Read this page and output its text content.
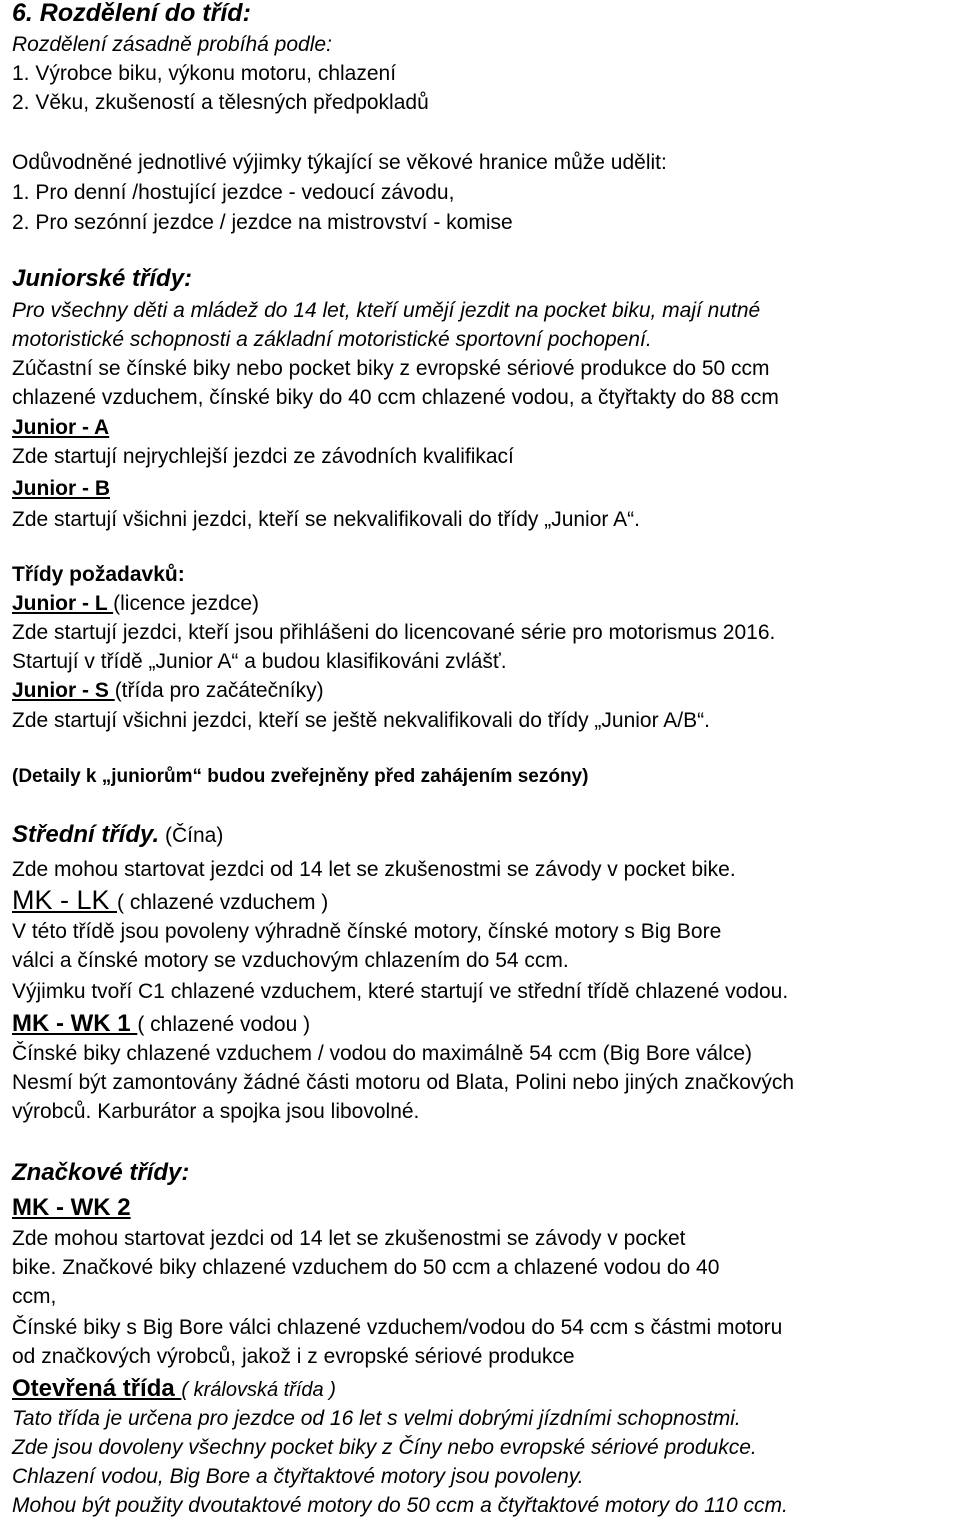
6. Rozdělení do tříd:
Rozdělení zásadně probíhá podle:
1. Výrobce biku, výkonu motoru, chlazení
2. Věku, zkušeností a tělesných předpokladů
Odůvodněné jednotlivé výjimky týkající se věkové hranice může udělit:
1. Pro denní /hostující jezdce - vedoucí závodu,
2. Pro sezónní jezdce / jezdce na mistrovství - komise
Juniorské třídy:
Pro všechny děti a mládež do 14 let, kteří umějí jezdit na pocket biku, mají nutné
motoristické schopnosti a základní motoristické sportovní pochopení.
Zúčastní se čínské biky nebo pocket biky z evropské sériové produkce do 50 ccm
chlazené vzduchem, čínské biky do 40 ccm chlazené vodou, a čtyřtakty do 88 ccm
Junior - A
Zde startují nejrychlejší jezdci ze závodních kvalifikací
Junior - B
Zde startují všichni jezdci, kteří se nekvalifikovali do třídy „Junior A“.
Třídy požadavků:
Junior - L (licence jezdce)
Zde startují jezdci, kteří jsou přihlášeni do licencované série pro motorismus 2016.
Startují v třídě „Junior A“ a budou klasifikováni zvlášť.
Junior - S (třída pro začátečníky)
Zde startují všichni jezdci, kteří se ještě nekvalifikovali do třídy „Junior A/B“.
(Detaily k „juniorům“ budou zveřejněny před zahájením sezóny)
Střední třídy. (Čína)
Zde mohou startovat jezdci od 14 let se zkušenostmi se závody v pocket bike.
MK - LK ( chlazené vzduchem )
V této třídě jsou povoleny výhradně čínské motory, čínské motory s Big Bore
válci a čínské motory se vzduchovým chlazením do 54 ccm.
Výjimku tvoří C1 chlazené vzduchem, které startují ve střední třídě chlazené vodou.
MK - WK 1 ( chlazené vodou )
Čínské biky chlazené vzduchem / vodou do maximálně 54 ccm (Big Bore válce)
Nesmí být zamontovány žádné části motoru od Blata, Polini nebo jiných značkových
výrobců. Karburátor a spojka jsou libovolné.
Značkové třídy:
MK - WK 2
Zde mohou startovat jezdci od 14 let se zkušenostmi se závody v pocket
bike. Značkové biky chlazené vzduchem do 50 ccm a chlazené vodou do 40
ccm,
Čínské biky s Big Bore válci chlazené vzduchem/vodou do 54 ccm s částmi motoru
od značkových výrobců, jakož i z evropské sériové produkce
Otevřená třída ( královská třída )
Tato třída je určena pro jezdce od 16 let s velmi dobrými jízdními schopnostmi.
Zde jsou dovoleny všechny pocket biky z Číny nebo evropské sériové produkce.
Chlazení vodou, Big Bore a čtyřtaktové motory jsou povoleny.
Mohou být použity dvoutaktové motory do 50 ccm a čtyřtaktové motory do 110 ccm.
